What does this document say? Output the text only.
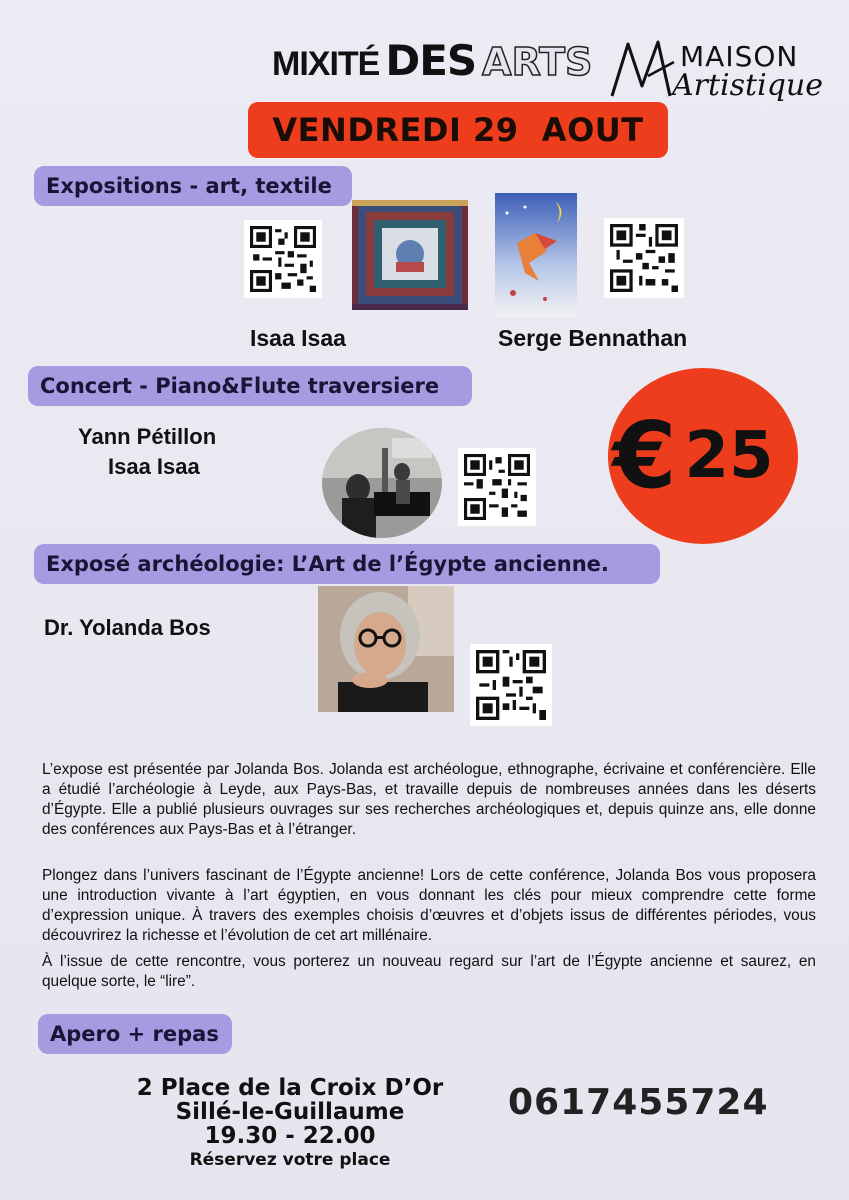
MIXITÉ DES ARTS	MAISON
Artistique
VENDREDI 29  AOUT
Expositions - art, textile
Isaa Isaa	Serge Bennathan
Concert - Piano&Flute traversiere
Yann Pétillon
Isaa Isaa	€ 25
Exposé archéologie: L’Art de l’Égypte ancienne.
Dr. Yolanda Bos
L’expose est présentée par Jolanda Bos. Jolanda est archéologue, ethnographe, écrivaine et conférencière. Elle a étudié l’archéologie à Leyde, aux Pays-Bas, et travaille depuis de nombreuses années dans les déserts d’Égypte. Elle a publié plusieurs ouvrages sur ses recherches archéologiques et, depuis quinze ans, elle donne des conférences aux Pays-Bas et à l’étranger.
Plongez dans l’univers fascinant de l’Égypte ancienne! Lors de cette conférence, Jolanda Bos vous proposera une introduction vivante à l’art égyptien, en vous donnant les clés pour mieux comprendre cette forme d’expression unique. À travers des exemples choisis d’œuvres et d’objets issus de différentes périodes, vous découvrirez la richesse et l’évolution de cet art millénaire.
À l’issue de cette rencontre, vous porterez un nouveau regard sur l’art de l’Égypte ancienne et saurez, en quelque sorte, le “lire”.
Apero + repas
2 Place de la Croix D’Or
Sillé-le-Guillaume
19.30 - 22.00
Réservez votre place
0617455724
